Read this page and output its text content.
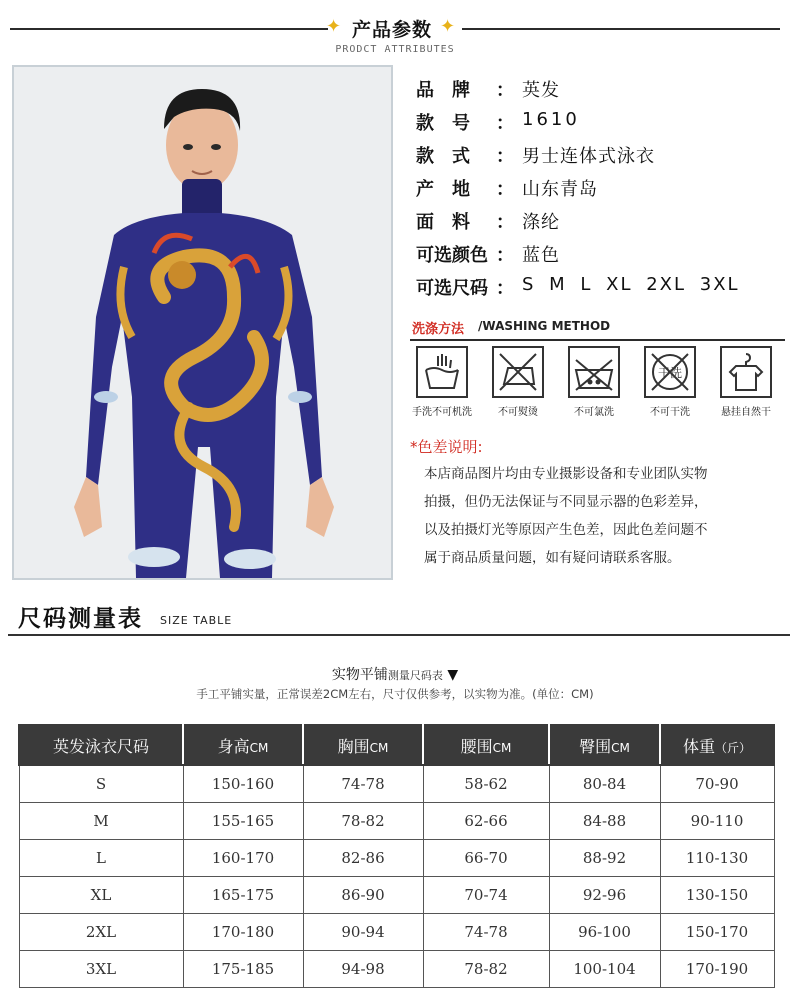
✦ 产品参数 ✦
PRODCT ATTRIBUTES
品　牌	： 英发
款　号	： 1610
款　式	： 男士连体式泳衣
产　地	： 山东青岛
面　料	： 涤纶
可选颜色 ： 蓝色
可选尺码 ： S M L XL 2XL 3XL
洗涤方法 /WASHING METHOD
手洗不可机洗	不可熨烫	不可氯洗
干洗
不可干洗	悬挂自然干
*色差说明:
本店商品图片均由专业摄影设备和专业团队实物
拍摄，但仍无法保证与不同显示器的色彩差异，
以及拍摄灯光等原因产生色差，因此色差问题不
属于商品质量问题，如有疑问请联系客服。
尺码测量表 SIZE TABLE
实物平铺测量尺码表 ▼
手工平铺实量，正常误差2CM左右，尺寸仅供参考，以实物为准。(单位：CM)
英发泳衣尺码	身高CM	胸围CM	腰围CM	臀围CM	体重（斤）
S	150-160	74-78	58-62	80-84	70-90
M	155-165	78-82	62-66	84-88	90-110
L	160-170	82-86	66-70	88-92	110-130
XL	165-175	86-90	70-74	92-96	130-150
2XL	170-180	90-94	74-78	96-100	150-170
3XL	175-185	94-98	78-82	100-104	170-190
